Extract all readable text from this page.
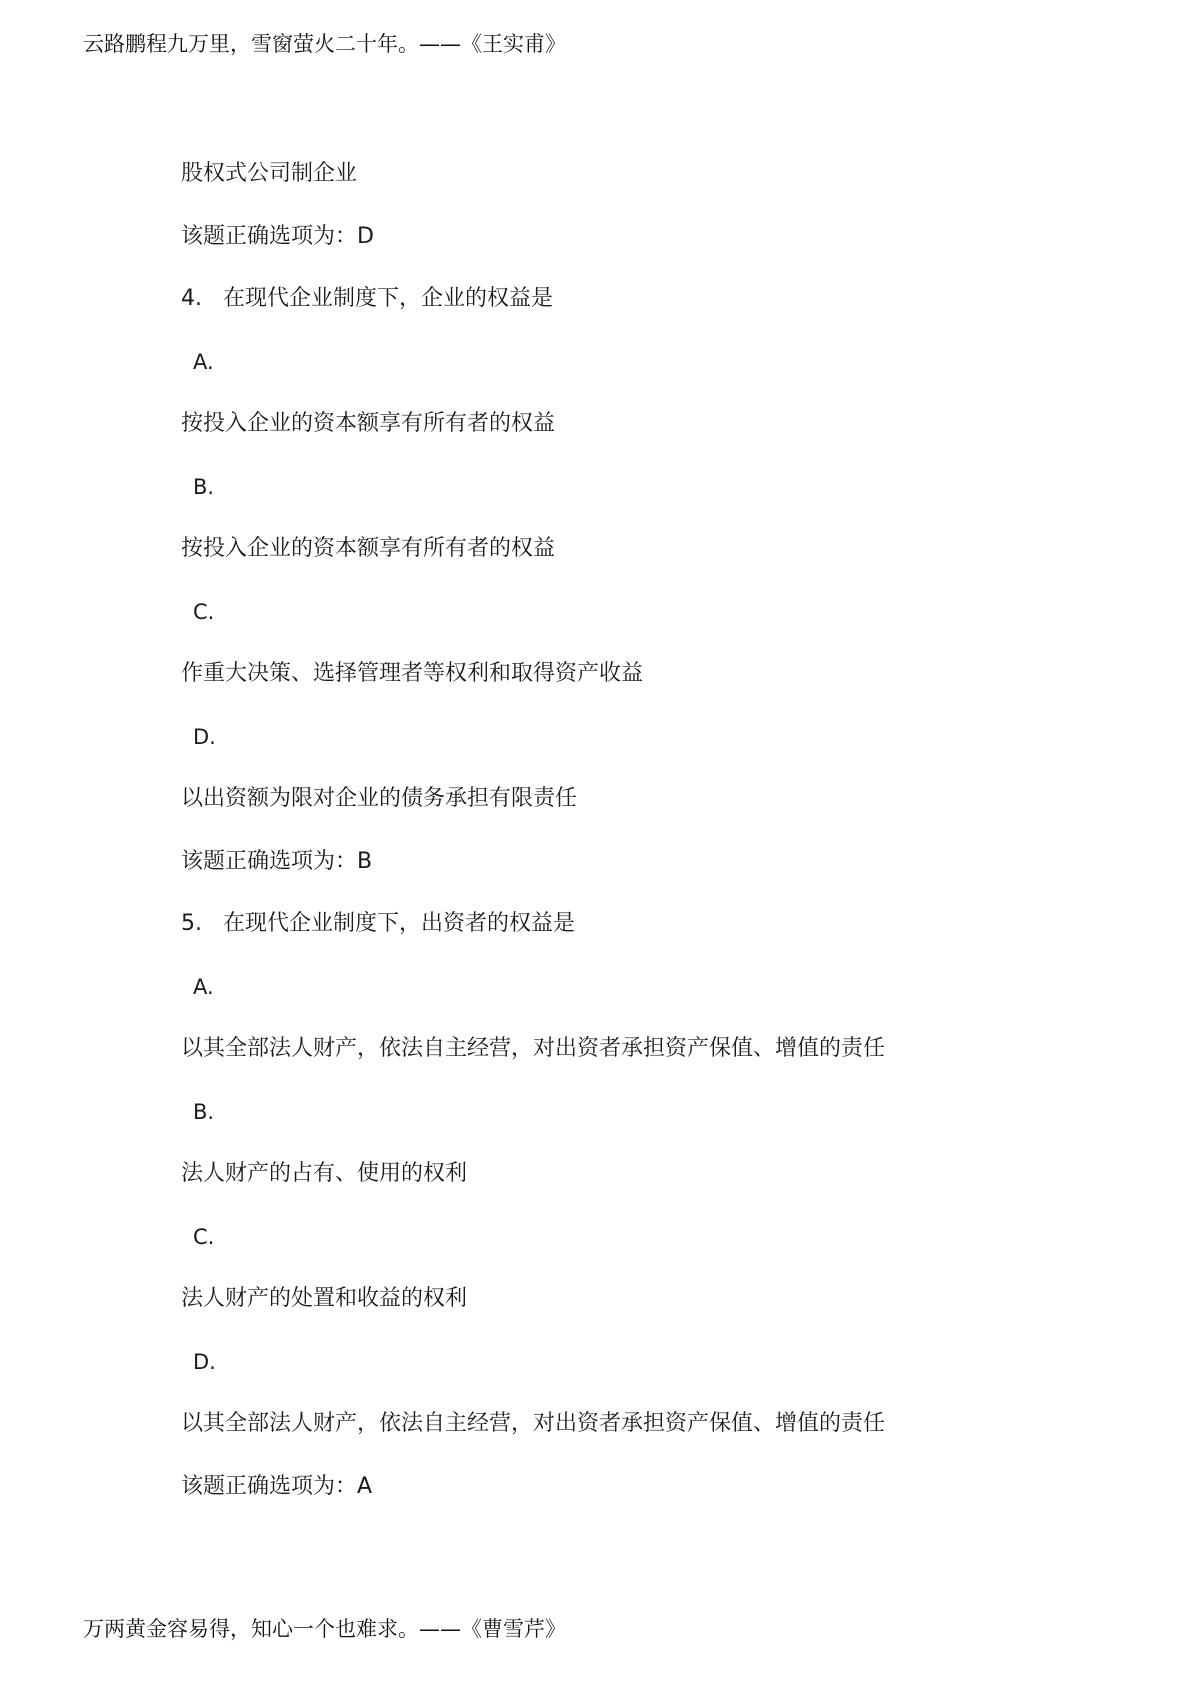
云路鹏程九万里，雪窗萤火二十年。——《王实甫》
股权式公司制企业
该题正确选项为：D
4. 在现代企业制度下，企业的权益是
A.
按投入企业的资本额享有所有者的权益
B.
按投入企业的资本额享有所有者的权益
C.
作重大决策、选择管理者等权利和取得资产收益
D.
以出资额为限对企业的债务承担有限责任
该题正确选项为：B
5. 在现代企业制度下，出资者的权益是
A.
以其全部法人财产，依法自主经营，对出资者承担资产保值、增值的责任
B.
法人财产的占有、使用的权利
C.
法人财产的处置和收益的权利
D.
以其全部法人财产，依法自主经营，对出资者承担资产保值、增值的责任
该题正确选项为：A
万两黄金容易得，知心一个也难求。——《曹雪芹》
